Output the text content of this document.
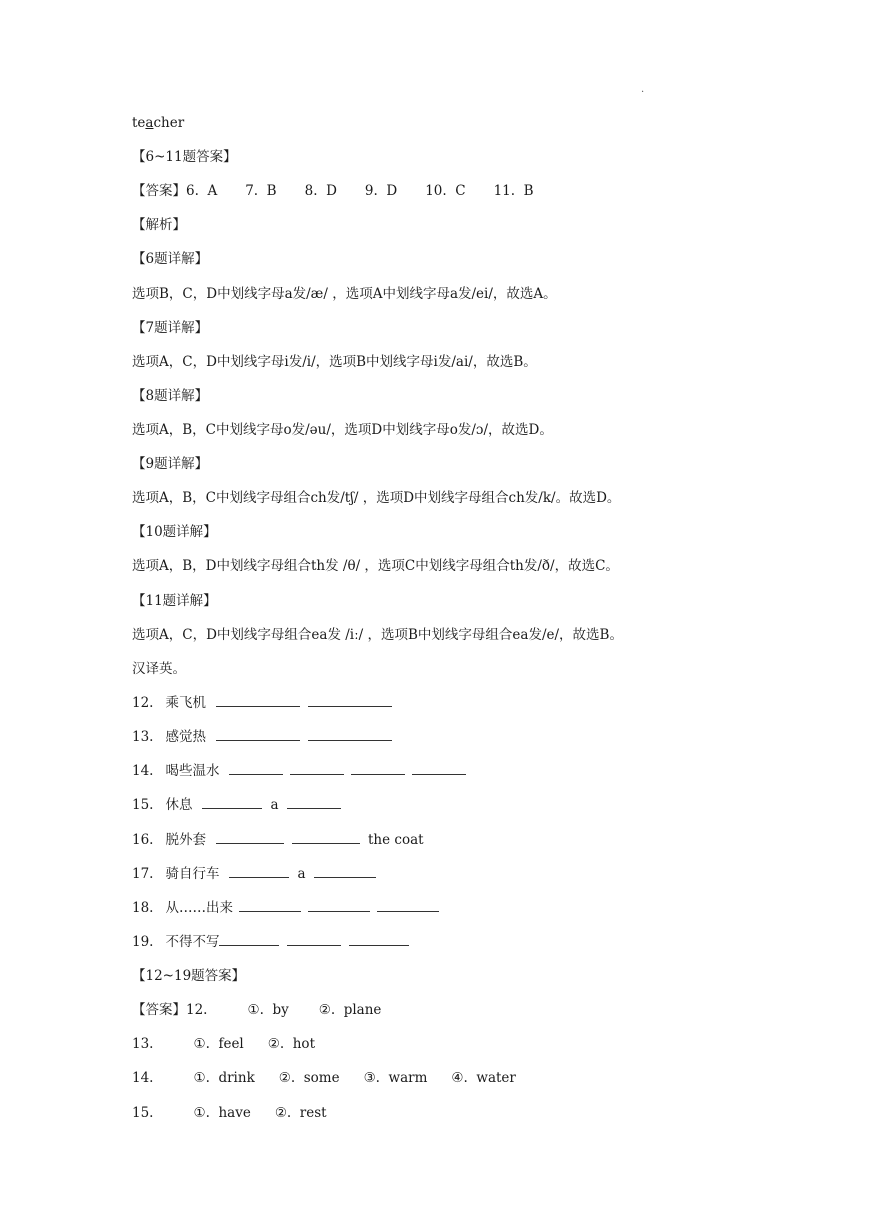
.
teacher
【6~11题答案】
【答案】6.  A 7.  B 8.  D 9.  D 10.  C 11.  B
【解析】
【6题详解】
选项B，C，D中划线字母a发/æ/ ，选项A中划线字母a发/ei/，故选A。
【7题详解】
选项A，C，D中划线字母i发/i/，选项B中划线字母i发/ai/，故选B。
【8题详解】
选项A，B，C中划线字母o发/əu/，选项D中划线字母o发/ɔ/，故选D。
【9题详解】
选项A，B，C中划线字母组合ch发/tʃ/ ，选项D中划线字母组合ch发/k/。故选D。
【10题详解】
选项A，B，D中划线字母组合th发 /θ/ ，选项C中划线字母组合th发/ð/，故选C。
【11题详解】
选项A，C，D中划线字母组合ea发 /iː/ ，选项B中划线字母组合ea发/e/，故选B。
汉译英。
12. 乘飞机
13. 感觉热
14. 喝些温水
15. 休息	a
16. 脱外套	the coat
17. 骑自行车	a
18. 从……出来
19. 不得不写
【12~19题答案】
【答案】12.	①.  by ②.  plane
13.	①.  feel ②.  hot
14.	①.  drink ②.  some ③.  warm ④.  water
15.	①.  have ②.  rest
